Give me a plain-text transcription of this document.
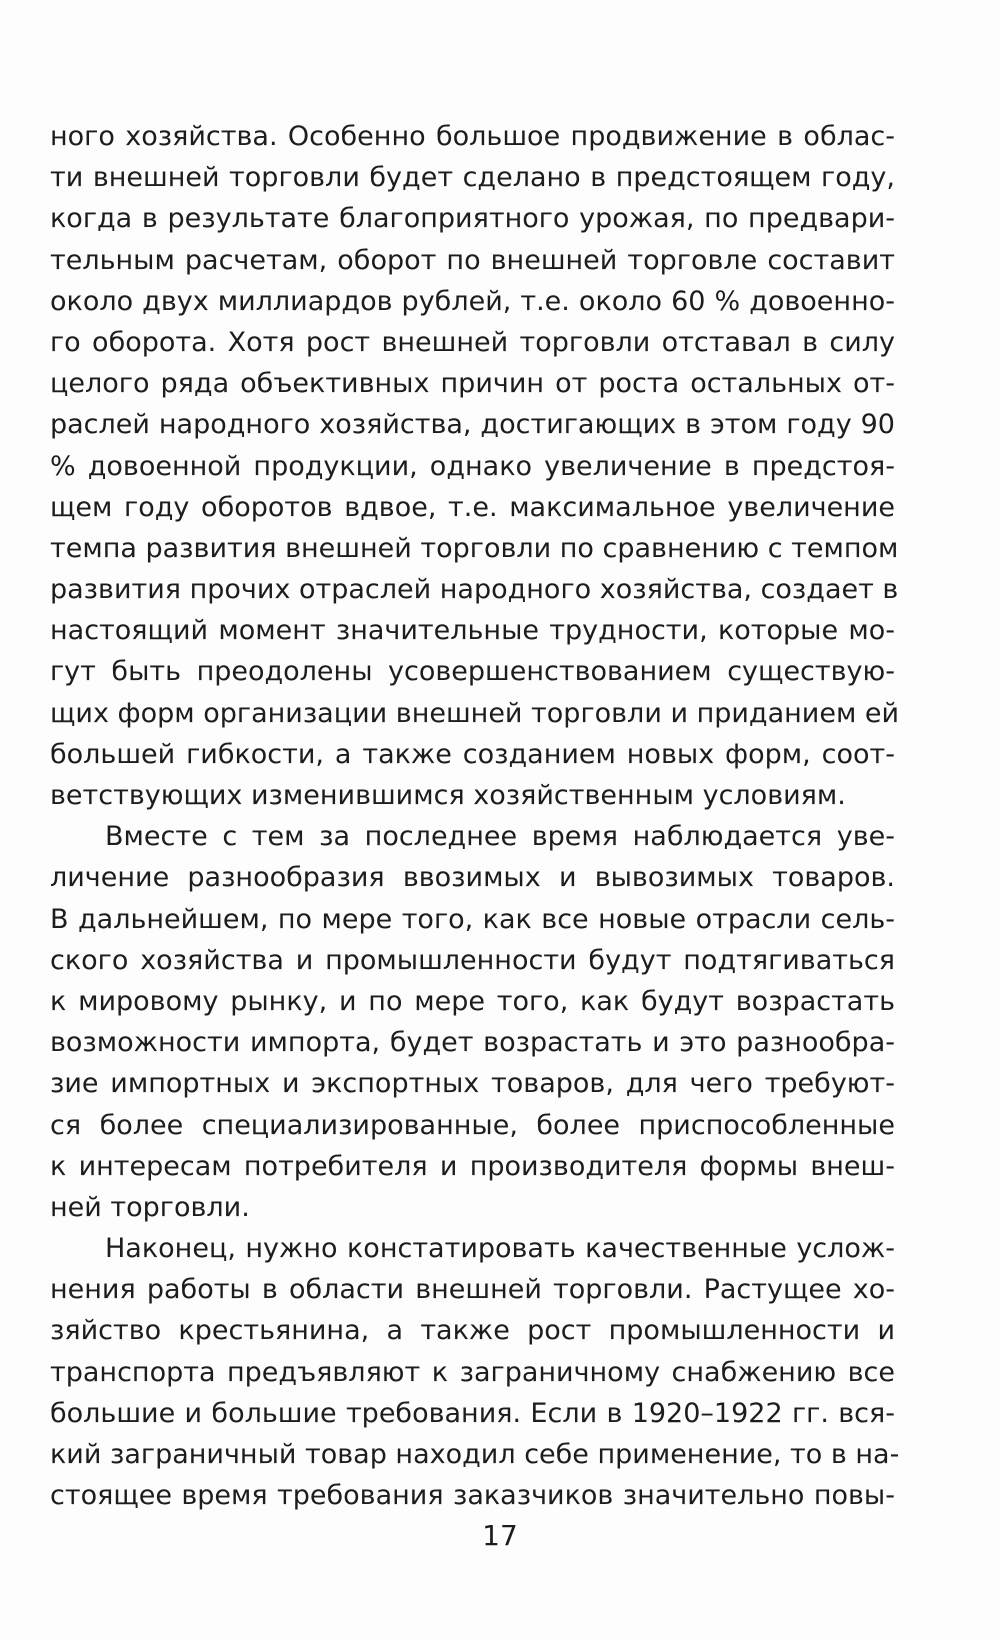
ного хозяйства. Особенно большое продвижение в облас-
ти внешней торговли будет сделано в предстоящем году,
когда в результате благоприятного урожая, по предвари-
тельным расчетам, оборот по внешней торговле составит
около двух миллиардов рублей, т.е. около 60 % довоенно-
го оборота. Хотя рост внешней торговли отставал в силу
целого ряда объективных причин от роста остальных от-
раслей народного хозяйства, достигающих в этом году 90
% довоенной продукции, однако увеличение в предстоя-
щем году оборотов вдвое, т.е. максимальное увеличение
темпа развития внешней торговли по сравнению с темпом
развития прочих отраслей народного хозяйства, создает в
настоящий момент значительные трудности, которые мо-
гут быть преодолены усовершенствованием существую-
щих форм организации внешней торговли и приданием ей
большей гибкости, а также созданием новых форм, соот-
ветствующих изменившимся хозяйственным условиям.
Вместе с тем за последнее время наблюдается уве-
личение разнообразия ввозимых и вывозимых товаров.
В дальнейшем, по мере того, как все новые отрасли сель-
ского хозяйства и промышленности будут подтягиваться
к мировому рынку, и по мере того, как будут возрастать
возможности импорта, будет возрастать и это разнообра-
зие импортных и экспортных товаров, для чего требуют-
ся более специализированные, более приспособленные
к интересам потребителя и производителя формы внеш-
ней торговли.
Наконец, нужно констатировать качественные услож-
нения работы в области внешней торговли. Растущее хо-
зяйство крестьянина, а также рост промышленности и
транспорта предъявляют к заграничному снабжению все
большие и большие требования. Если в 1920–1922 гг. вся-
кий заграничный товар находил себе применение, то в на-
стоящее время требования заказчиков значительно повы-
17
